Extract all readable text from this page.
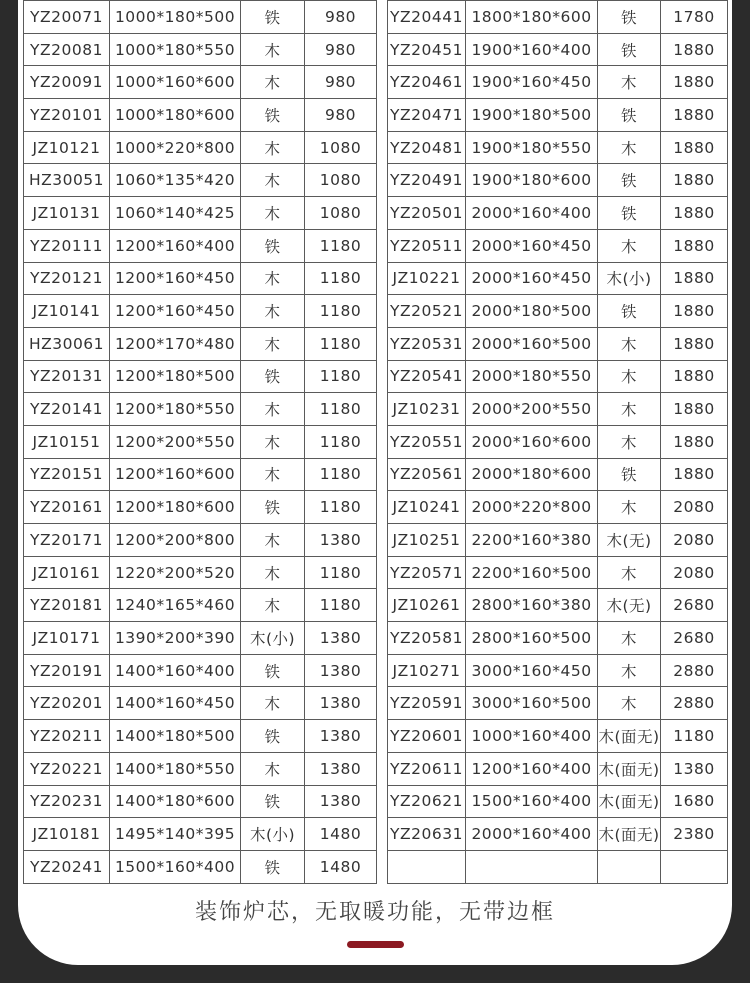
YZ20071	1000*180*500	铁	980
YZ20081	1000*180*550	木	980
YZ20091	1000*160*600	木	980
YZ20101	1000*180*600	铁	980
JZ10121	1000*220*800	木	1080
HZ30051	1060*135*420	木	1080
JZ10131	1060*140*425	木	1080
YZ20111	1200*160*400	铁	1180
YZ20121	1200*160*450	木	1180
JZ10141	1200*160*450	木	1180
HZ30061	1200*170*480	木	1180
YZ20131	1200*180*500	铁	1180
YZ20141	1200*180*550	木	1180
JZ10151	1200*200*550	木	1180
YZ20151	1200*160*600	木	1180
YZ20161	1200*180*600	铁	1180
YZ20171	1200*200*800	木	1380
JZ10161	1220*200*520	木	1180
YZ20181	1240*165*460	木	1180
JZ10171	1390*200*390	木(小)	1380
YZ20191	1400*160*400	铁	1380
YZ20201	1400*160*450	木	1380
YZ20211	1400*180*500	铁	1380
YZ20221	1400*180*550	木	1380
YZ20231	1400*180*600	铁	1380
JZ10181	1495*140*395	木(小)	1480
YZ20241	1500*160*400	铁	1480
YZ20441	1800*180*600	铁	1780
YZ20451	1900*160*400	铁	1880
YZ20461	1900*160*450	木	1880
YZ20471	1900*180*500	铁	1880
YZ20481	1900*180*550	木	1880
YZ20491	1900*180*600	铁	1880
YZ20501	2000*160*400	铁	1880
YZ20511	2000*160*450	木	1880
JZ10221	2000*160*450	木(小)	1880
YZ20521	2000*180*500	铁	1880
YZ20531	2000*160*500	木	1880
YZ20541	2000*180*550	木	1880
JZ10231	2000*200*550	木	1880
YZ20551	2000*160*600	木	1880
YZ20561	2000*180*600	铁	1880
JZ10241	2000*220*800	木	2080
JZ10251	2200*160*380	木(无)	2080
YZ20571	2200*160*500	木	2080
JZ10261	2800*160*380	木(无)	2680
YZ20581	2800*160*500	木	2680
JZ10271	3000*160*450	木	2880
YZ20591	3000*160*500	木	2880
YZ20601	1000*160*400	木(面无)	1180
YZ20611	1200*160*400	木(面无)	1380
YZ20621	1500*160*400	木(面无)	1680
YZ20631	2000*160*400	木(面无)	2380

装饰炉芯，无取暖功能，无带边框
